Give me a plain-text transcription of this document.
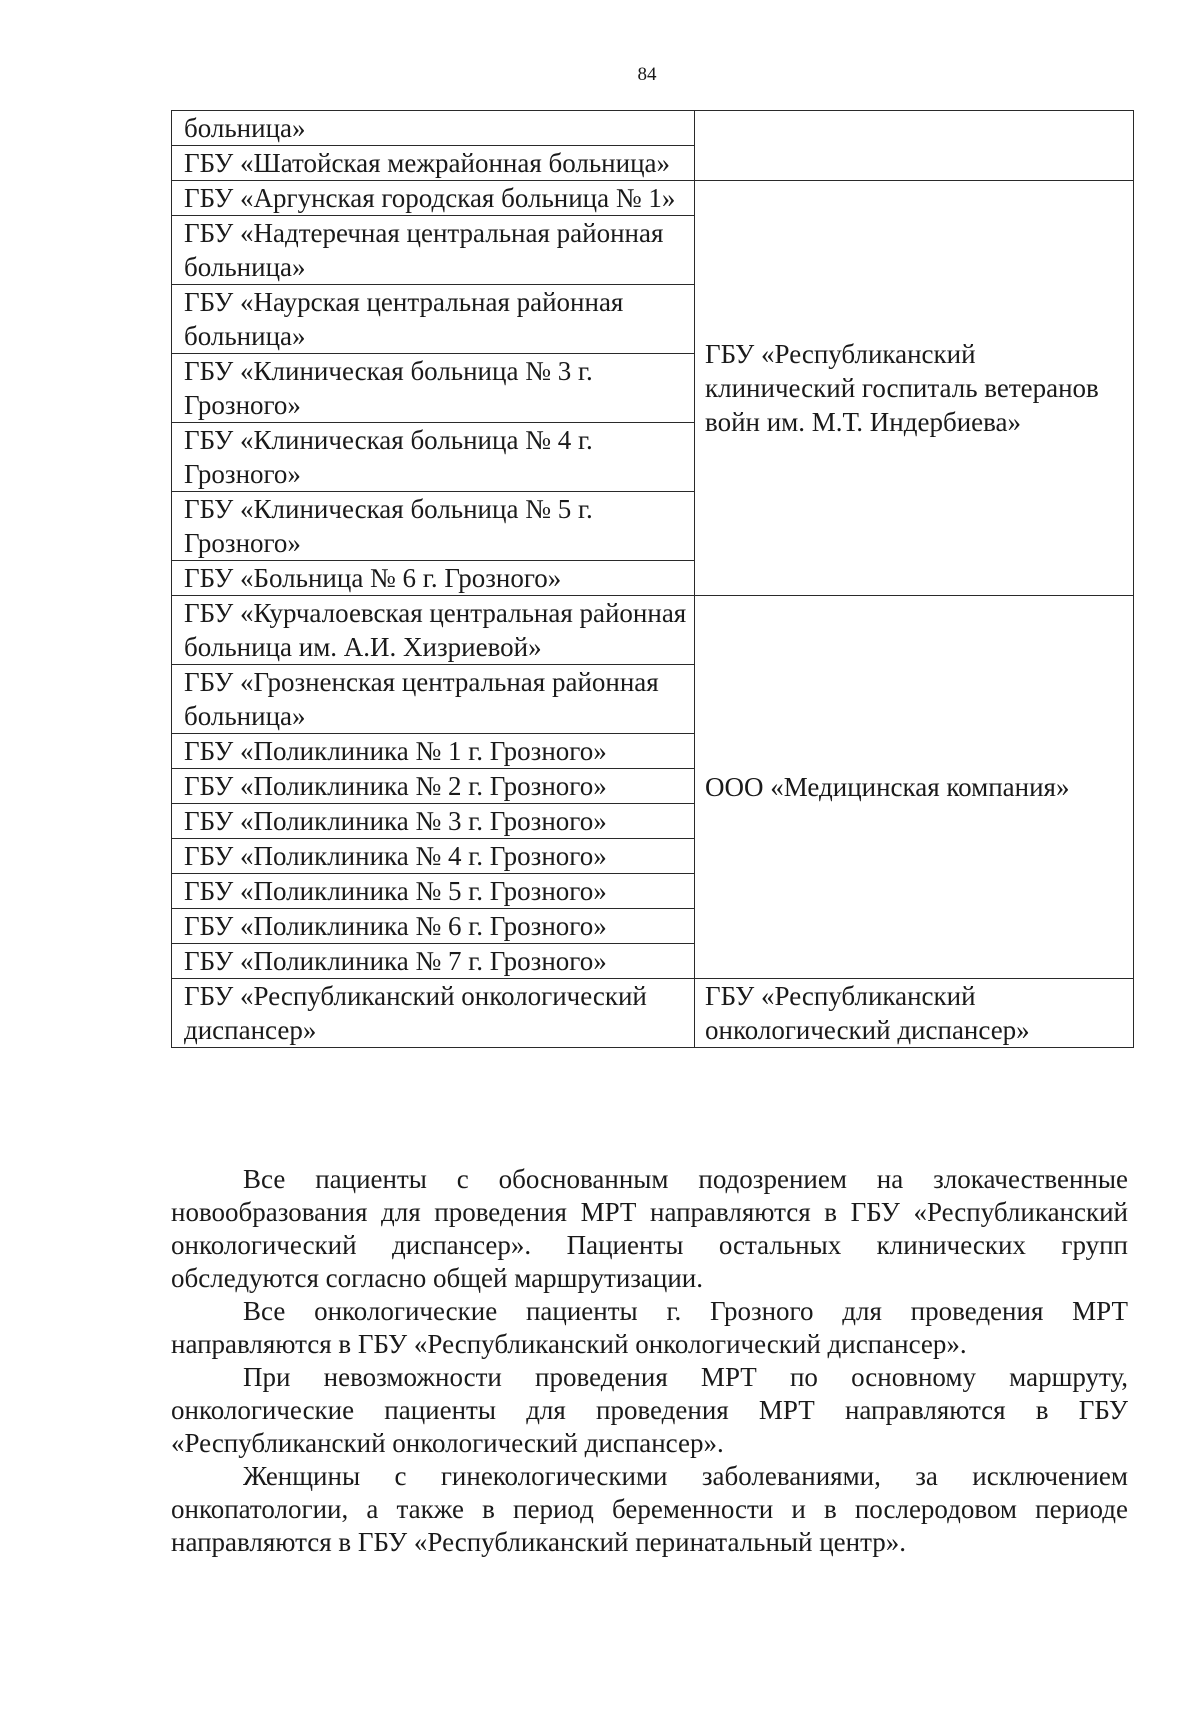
84
больница»	
ГБУ «Шатойская межрайонная больница»	
ГБУ «Аргунская городская больница № 1»	ГБУ «Республиканский клинический госпиталь ветеранов войн им. М.Т. Индербиева»
ГБУ «Надтеречная центральная районная больница»	
ГБУ «Наурская центральная районная больница»	
ГБУ «Клиническая больница № 3 г. Грозного»	
ГБУ «Клиническая больница № 4 г. Грозного»	
ГБУ «Клиническая больница № 5 г. Грозного»	
ГБУ «Больница № 6 г. Грозного»	
ГБУ «Курчалоевская центральная районная больница им. А.И. Хизриевой»	ООО «Медицинская компания»
ГБУ «Грозненская центральная районная больница»	
ГБУ «Поликлиника № 1 г. Грозного»	
ГБУ «Поликлиника № 2 г. Грозного»	
ГБУ «Поликлиника № 3 г. Грозного»	
ГБУ «Поликлиника № 4 г. Грозного»	
ГБУ «Поликлиника № 5 г. Грозного»	
ГБУ «Поликлиника № 6 г. Грозного»	
ГБУ «Поликлиника № 7 г. Грозного»	
ГБУ «Республиканский онкологический диспансер»	ГБУ «Республиканский онкологический диспансер»

Все пациенты с обоснованным подозрением на злокачественные новообразования для проведения МРТ направляются в ГБУ «Республиканский онкологический диспансер». Пациенты остальных клинических групп обследуются согласно общей маршрутизации.

Все онкологические пациенты г. Грозного для проведения МРТ направляются в ГБУ «Республиканский онкологический диспансер».

При невозможности проведения МРТ по основному маршруту, онкологические пациенты для проведения МРТ направляются в ГБУ «Республиканский онкологический диспансер».

Женщины с гинекологическими заболеваниями, за исключением онкопатологии, а также в период беременности и в послеродовом периоде направляются в ГБУ «Республиканский перинатальный центр».
